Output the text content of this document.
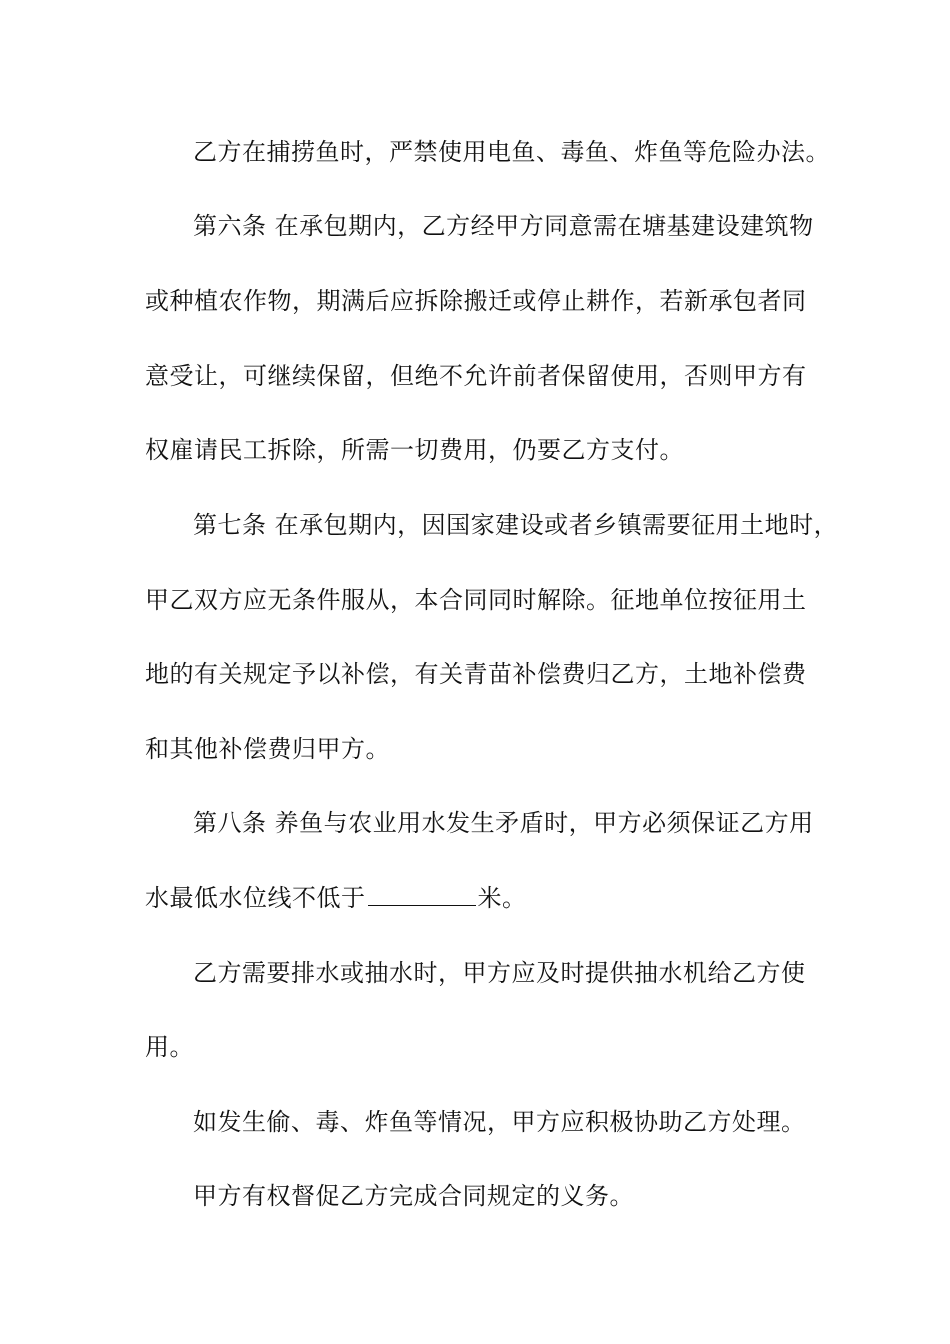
乙方在捕捞鱼时，严禁使用电鱼、毒鱼、炸鱼等危险办法。
第六条 在承包期内，乙方经甲方同意需在塘基建设建筑物
或种植农作物，期满后应拆除搬迁或停止耕作，若新承包者同
意受让，可继续保留，但绝不允许前者保留使用，否则甲方有
权雇请民工拆除，所需一切费用，仍要乙方支付。
第七条 在承包期内，因国家建设或者乡镇需要征用土地时，
甲乙双方应无条件服从，本合同同时解除。征地单位按征用土
地的有关规定予以补偿，有关青苗补偿费归乙方，土地补偿费
和其他补偿费归甲方。
第八条 养鱼与农业用水发生矛盾时，甲方必须保证乙方用
水最低水位线不低于	米。
乙方需要排水或抽水时，甲方应及时提供抽水机给乙方使
用。
如发生偷、毒、炸鱼等情况，甲方应积极协助乙方处理。
甲方有权督促乙方完成合同规定的义务。
